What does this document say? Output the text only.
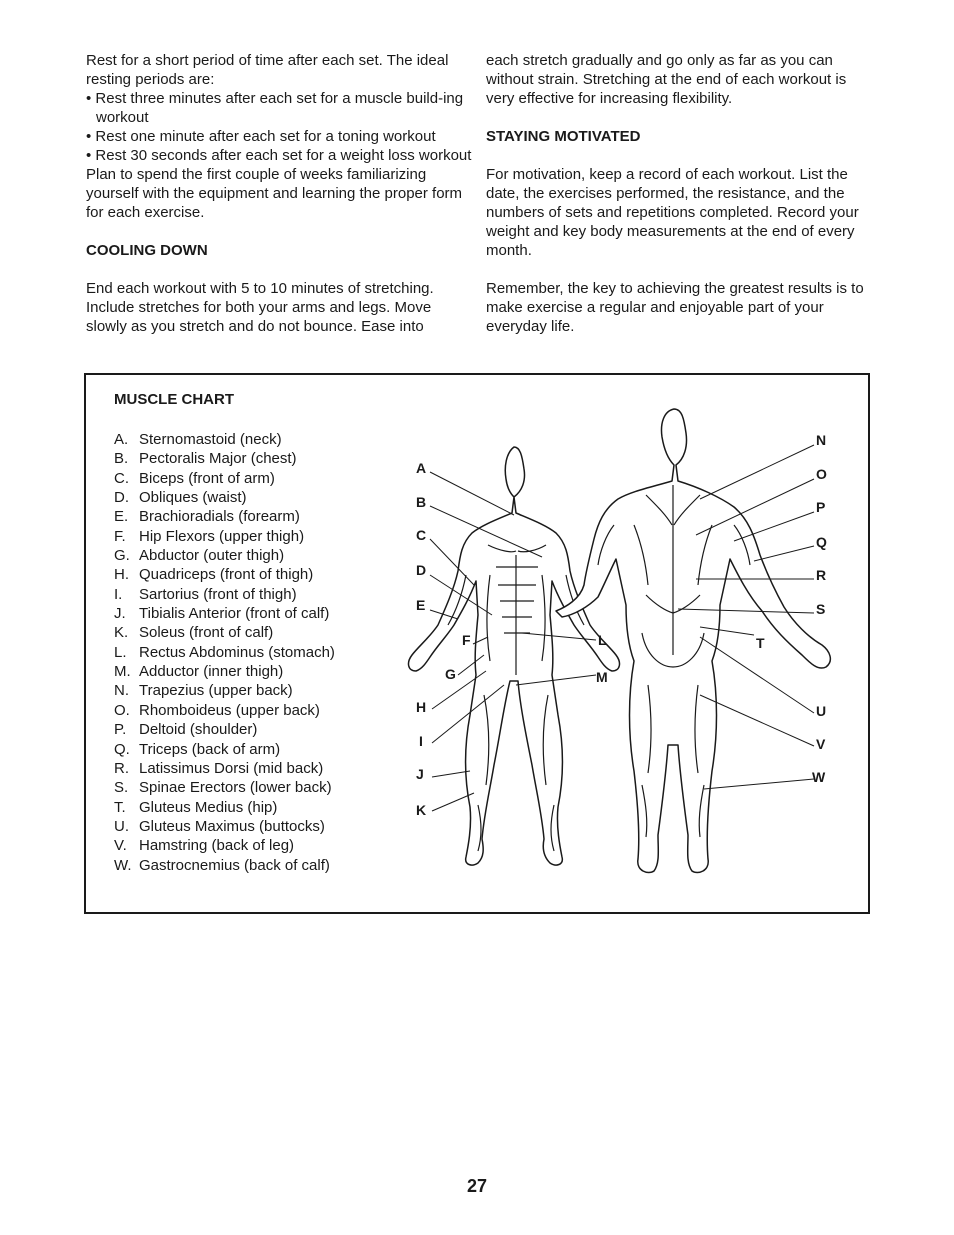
Rest for a short period of time after each set. The ideal resting periods are:

• Rest three minutes after each set for a muscle build-ing workout

• Rest one minute after each set for a toning workout

• Rest 30 seconds after each set for a weight loss workout

Plan to spend the first couple of weeks familiarizing yourself with the equipment and learning the proper form for each exercise.

COOLING DOWN

End each workout with 5 to 10 minutes of stretching. Include stretches for both your arms and legs. Move slowly as you stretch and do not bounce. Ease into

each stretch gradually and go only as far as you can without strain. Stretching at the end of each workout is very effective for increasing flexibility.

STAYING MOTIVATED

For motivation, keep a record of each workout. List the date, the exercises performed, the resistance, and the numbers of sets and repetitions completed. Record your weight and key body measurements at the end of every month.

Remember, the key to achieving the greatest results is to make exercise a regular and enjoyable part of your everyday life.

MUSCLE CHART
A. Sternomastoid (neck)
B. Pectoralis Major (chest)
C. Biceps (front of arm)
D. Obliques (waist)
E. Brachioradials (forearm)
F. Hip Flexors (upper thigh)
G. Abductor (outer thigh)
H. Quadriceps (front of thigh)
I. Sartorius (front of thigh)
J. Tibialis Anterior (front of calf)
K. Soleus (front of calf)
L. Rectus Abdominus (stomach)
M. Adductor (inner thigh)
N. Trapezius (upper back)
O. Rhomboideus (upper back)
P. Deltoid (shoulder)
Q. Triceps (back of arm)
R. Latissimus Dorsi (mid back)
S. Spinae Erectors (lower back)
T. Gluteus Medius (hip)
U. Gluteus Maximus (buttocks)
V. Hamstring (back of leg)
W. Gastrocnemius (back of calf)
A
B
C
D
E
F
G
H
I
J
K
L
M
N
O
P
Q
R
S
T
U
V
W
27
